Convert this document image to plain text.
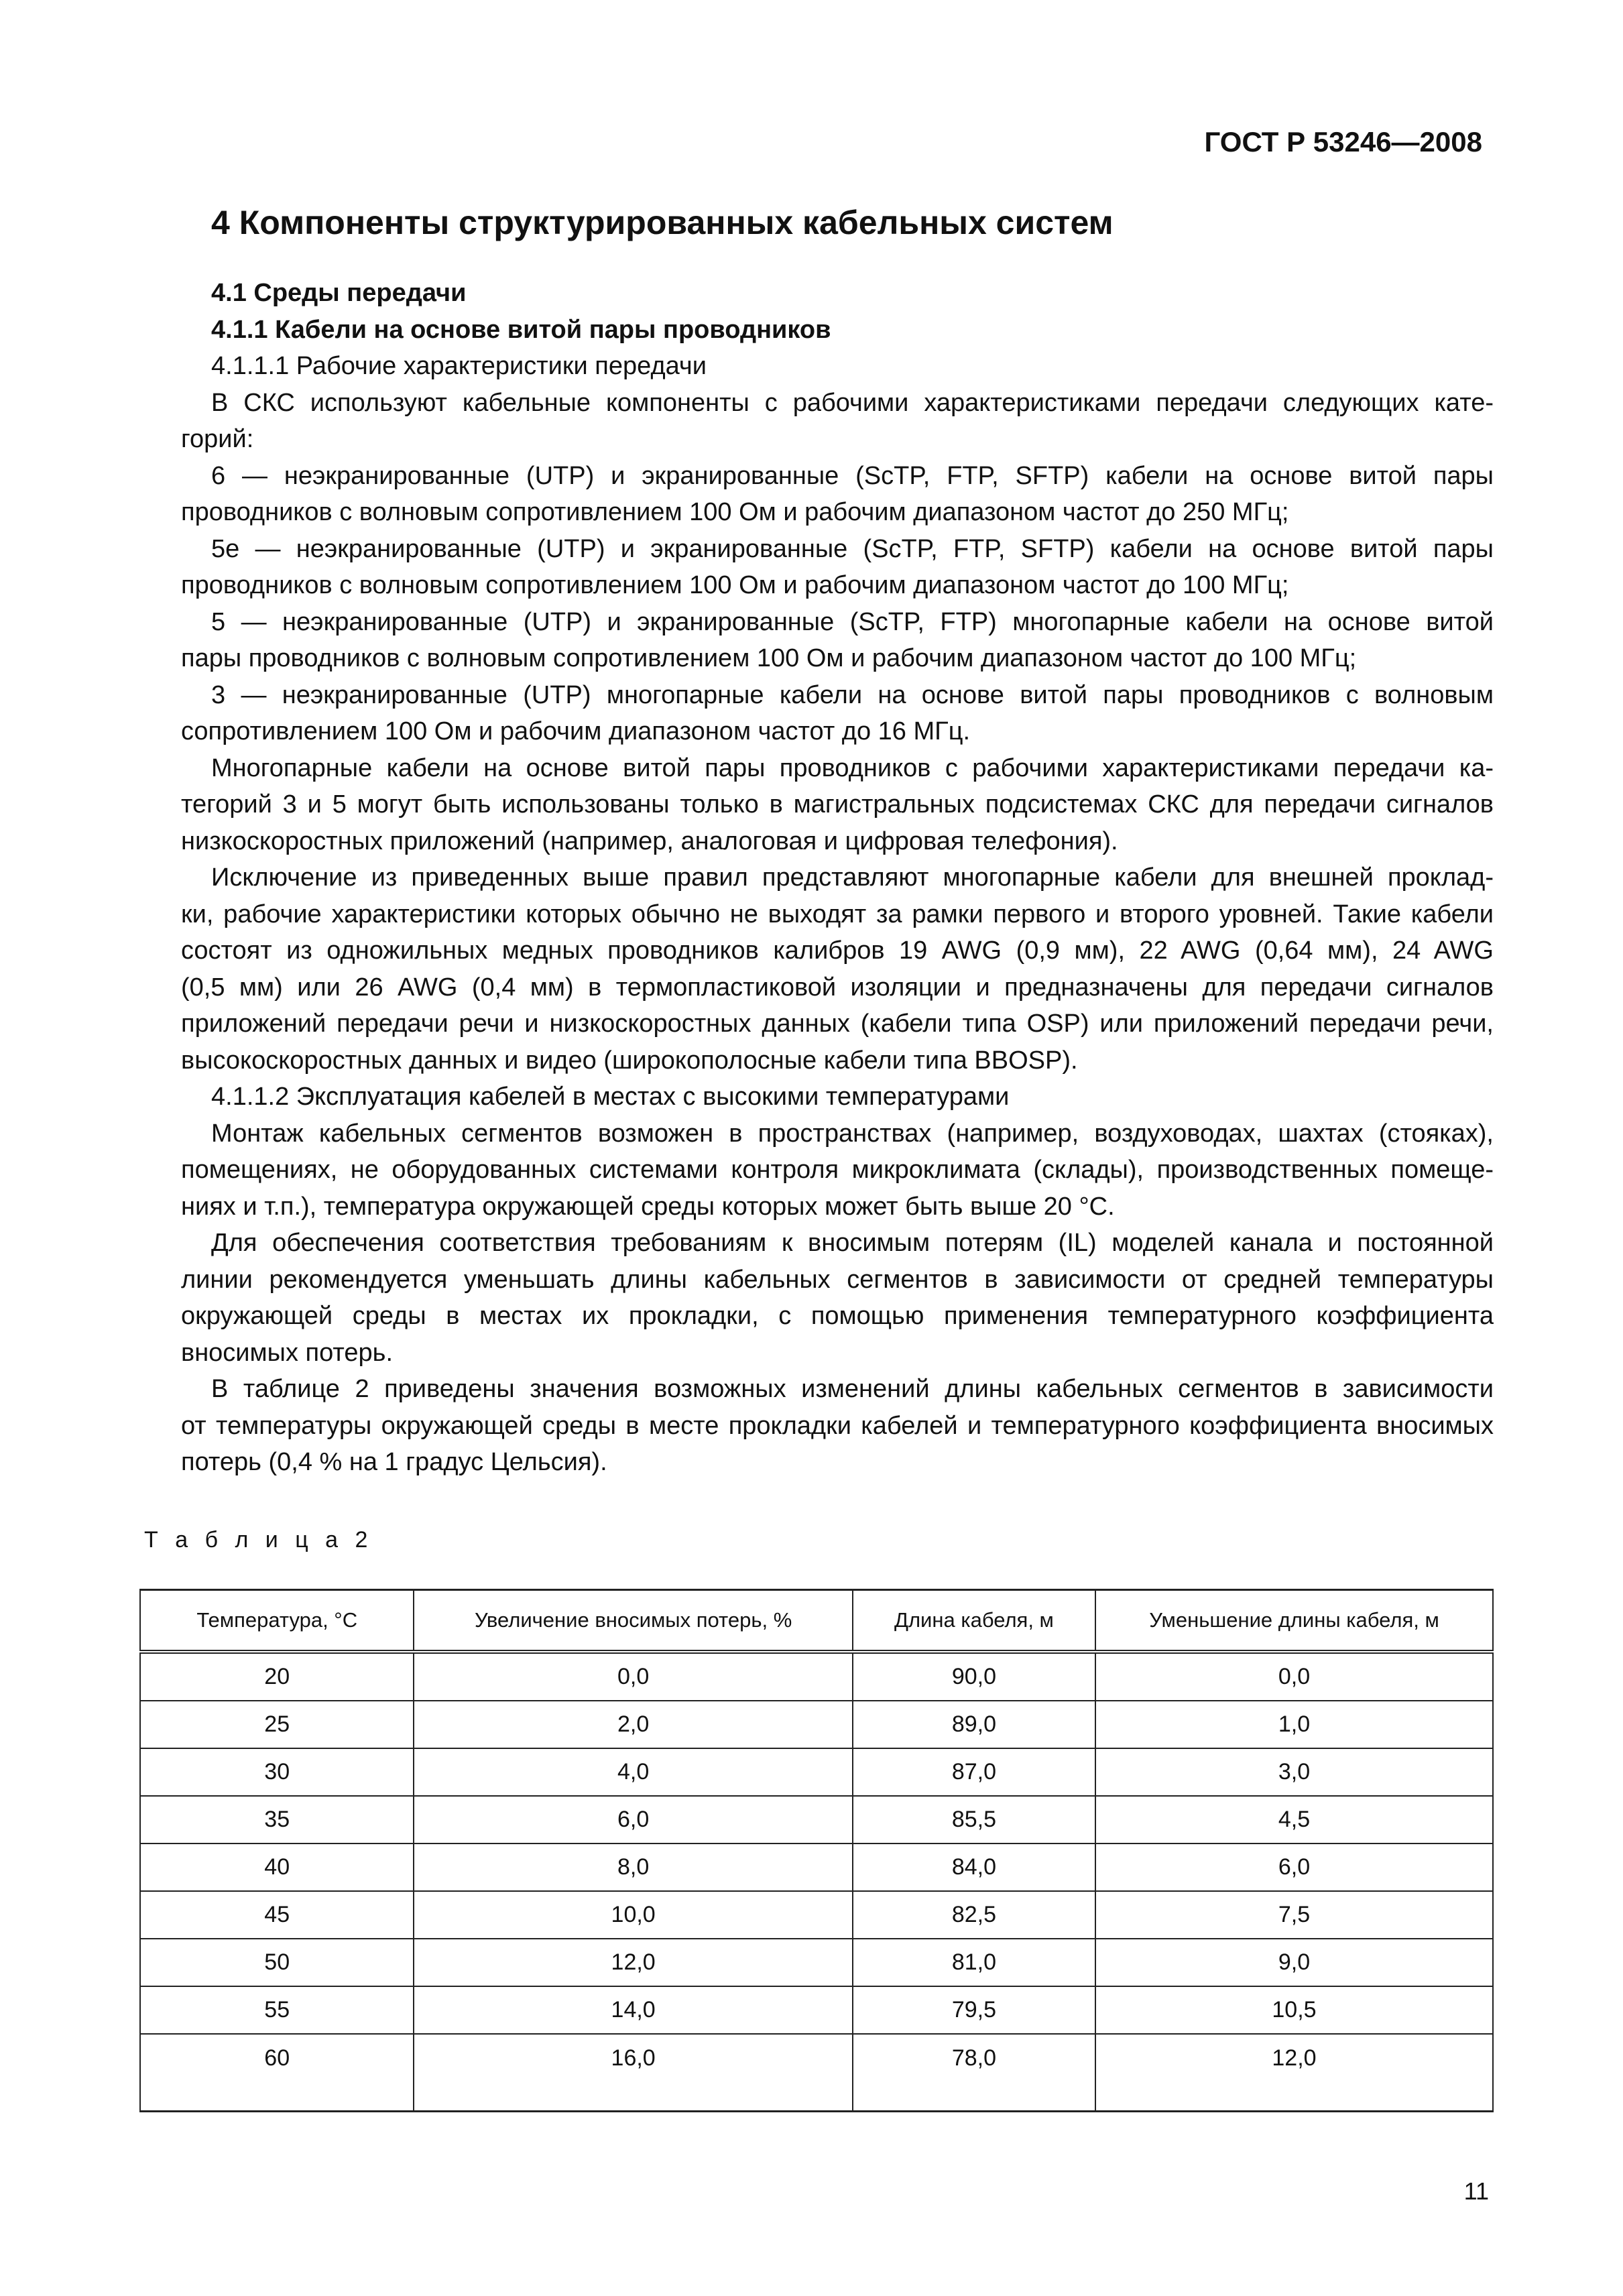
ГОСТ Р 53246—2008
4 Компоненты структурированных кабельных систем
4.1 Среды передачи
4.1.1 Кабели на основе витой пары проводников
4.1.1.1 Рабочие характеристики передачи
В СКС используют кабельные компоненты с рабочими характеристиками передачи следующих кате-
горий:
6 — неэкранированные (UTP) и экранированные (ScTP, FTP, SFTP) кабели на основе витой пары
проводников с волновым сопротивлением 100 Ом и рабочим диапазоном частот до 250 МГц;
5e — неэкранированные (UTP) и экранированные (ScTP, FTP, SFTP) кабели на основе витой пары
проводников с волновым сопротивлением 100 Ом и рабочим диапазоном частот до 100 МГц;
5 — неэкранированные (UTP) и экранированные (ScTP, FTP) многопарные кабели на основе витой
пары проводников с волновым сопротивлением 100 Ом и рабочим диапазоном частот до 100 МГц;
3 — неэкранированные (UTP) многопарные кабели на основе витой пары проводников с волновым
сопротивлением 100 Ом и рабочим диапазоном частот до 16 МГц.
Многопарные кабели на основе витой пары проводников с рабочими характеристиками передачи ка-
тегорий 3 и 5 могут быть использованы только в магистральных подсистемах СКС для передачи сигналов
низкоскоростных приложений (например, аналоговая и цифровая телефония).
Исключение из приведенных выше правил представляют многопарные кабели для внешней проклад-
ки, рабочие характеристики которых обычно не выходят за рамки первого и второго уровней. Такие кабели
состоят из одножильных медных проводников калибров 19 AWG (0,9 мм), 22 AWG (0,64 мм), 24 AWG
(0,5 мм) или 26 AWG (0,4 мм) в термопластиковой изоляции и предназначены для передачи сигналов
приложений передачи речи и низкоскоростных данных (кабели типа OSP) или приложений передачи речи,
высокоскоростных данных и видео (широкополосные кабели типа BBOSP).
4.1.1.2 Эксплуатация кабелей в местах с высокими температурами
Монтаж кабельных сегментов возможен в пространствах (например, воздуховодах, шахтах (стояках),
помещениях, не оборудованных системами контроля микроклимата (склады), производственных помеще-
ниях и т.п.), температура окружающей среды которых может быть выше 20 °С.
Для обеспечения соответствия требованиям к вносимым потерям (IL) моделей канала и постоянной
линии рекомендуется уменьшать длины кабельных сегментов в зависимости от средней температуры
окружающей среды в местах их прокладки, с помощью применения температурного коэффициента
вносимых потерь.
В таблице 2 приведены значения возможных изменений длины кабельных сегментов в зависимости
от температуры окружающей среды в месте прокладки кабелей и температурного коэффициента вносимых
потерь (0,4 % на 1 градус Цельсия).
Т а б л и ц а 2
Температура, °С	Увеличение вносимых потерь, %	Длина кабеля, м	Уменьшение длины кабеля, м
20	0,0	90,0	0,0
25	2,0	89,0	1,0
30	4,0	87,0	3,0
35	6,0	85,5	4,5
40	8,0	84,0	6,0
45	10,0	82,5	7,5
50	12,0	81,0	9,0
55	14,0	79,5	10,5
60	16,0	78,0	12,0
11
